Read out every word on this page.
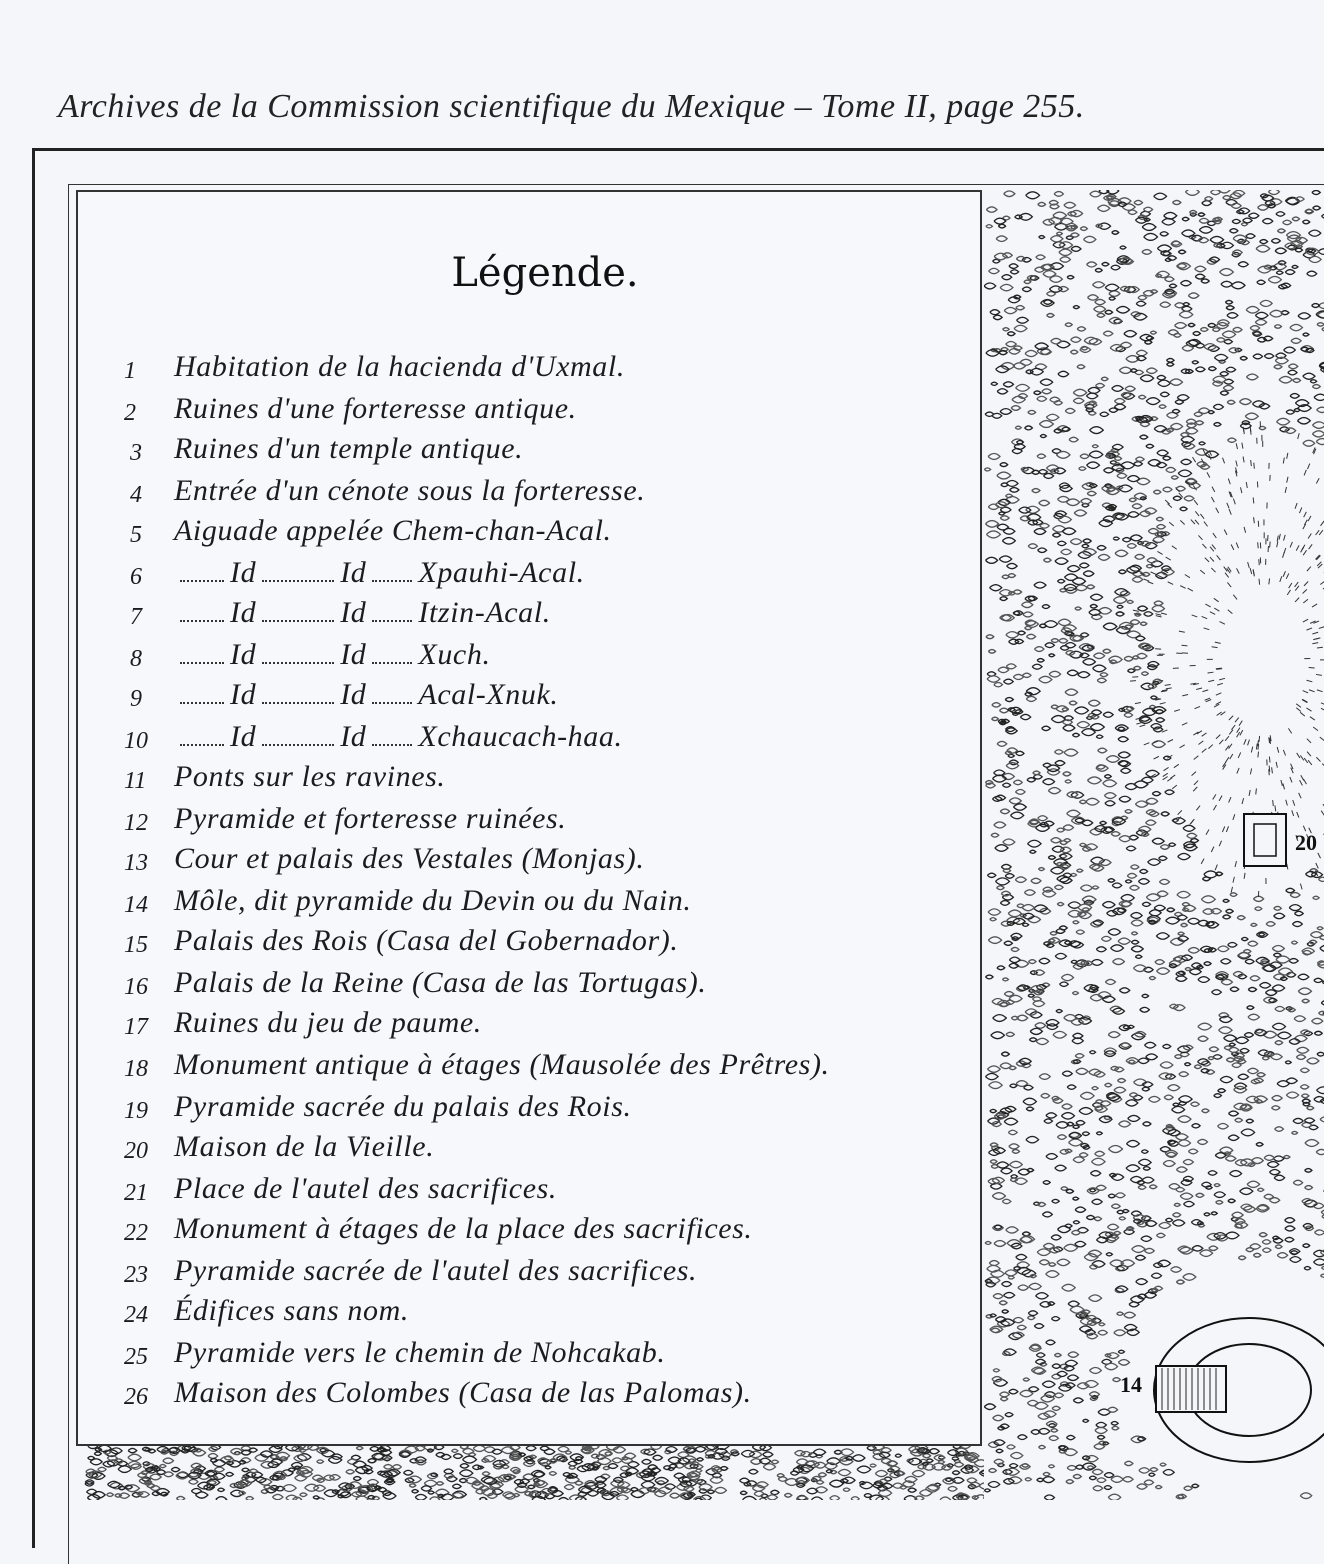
Archives de la Commission scientifique du Mexique – Tome II, page 255.
Légende.
1	Habitation de la hacienda d'Uxmal.
2	Ruines d'une forteresse antique.
3	Ruines d'un temple antique.
4	Entrée d'un cénote sous la forteresse.
5	Aiguade appelée Chem-chan-Acal.
6	Id	Id Xpauhi-Acal.
7	Id	Id Itzin-Acal.
8	Id	Id Xuch.
9	Id	Id Acal-Xnuk.
10	Id	Id Xchaucach-haa.
11 Ponts sur les ravines.
12 Pyramide et forteresse ruinées.
13 Cour et palais des Vestales (Monjas).
14 Môle, dit pyramide du Devin ou du Nain.
15 Palais des Rois (Casa del Gobernador).
16 Palais de la Reine (Casa de las Tortugas).
17 Ruines du jeu de paume.
18 Monument antique à étages (Mausolée des Prêtres).
19 Pyramide sacrée du palais des Rois.
20 Maison de la Vieille.
21 Place de l'autel des sacrifices.
22 Monument à étages de la place des sacrifices.
23 Pyramide sacrée de l'autel des sacrifices.
24 Édifices sans nom.
25 Pyramide vers le chemin de Nohcakab.
26 Maison des Colombes (Casa de las Palomas).
20
14
